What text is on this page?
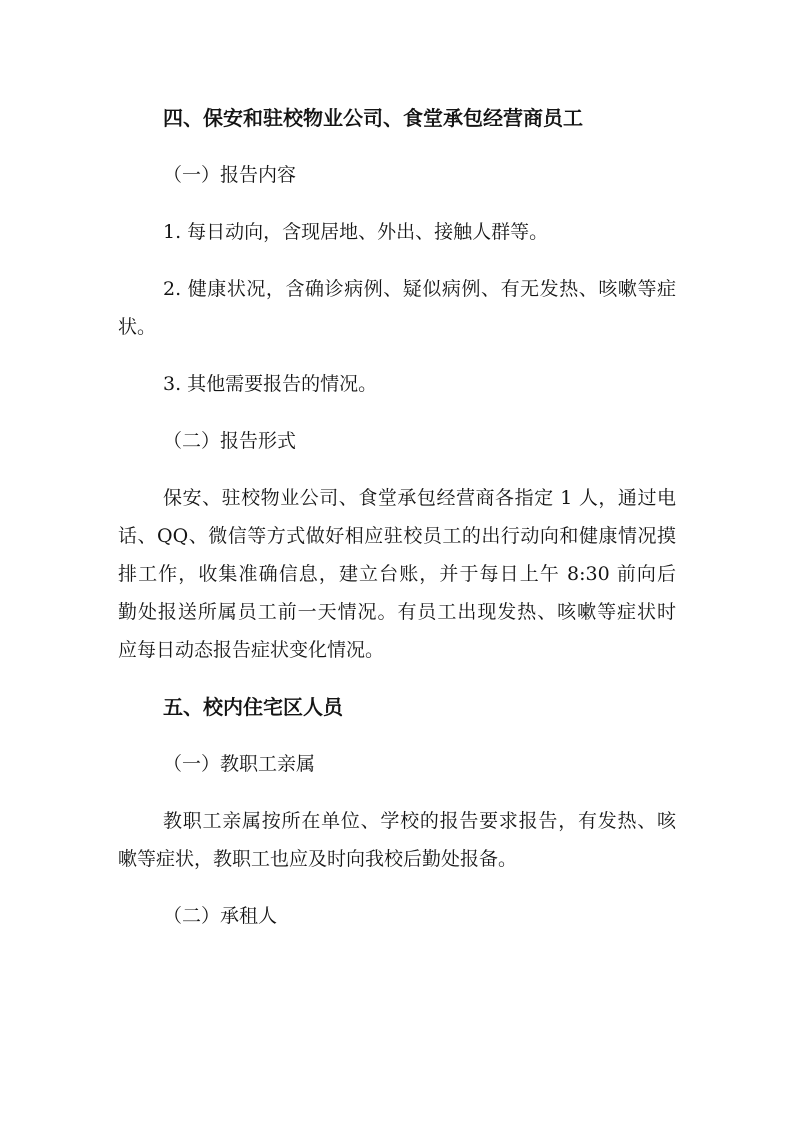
四、保安和驻校物业公司、食堂承包经营商员工
（一）报告内容
1. 每日动向，含现居地、外出、接触人群等。
2. 健康状况，含确诊病例、疑似病例、有无发热、咳嗽等症
状。
3. 其他需要报告的情况。
（二）报告形式
保安、驻校物业公司、食堂承包经营商各指定 1 人，通过电
话、QQ、微信等方式做好相应驻校员工的出行动向和健康情况摸
排工作，收集准确信息，建立台账，并于每日上午 8:30 前向后
勤处报送所属员工前一天情况。有员工出现发热、咳嗽等症状时
应每日动态报告症状变化情况。
五、校内住宅区人员
（一）教职工亲属
教职工亲属按所在单位、学校的报告要求报告，有发热、咳
嗽等症状，教职工也应及时向我校后勤处报备。
（二）承租人
